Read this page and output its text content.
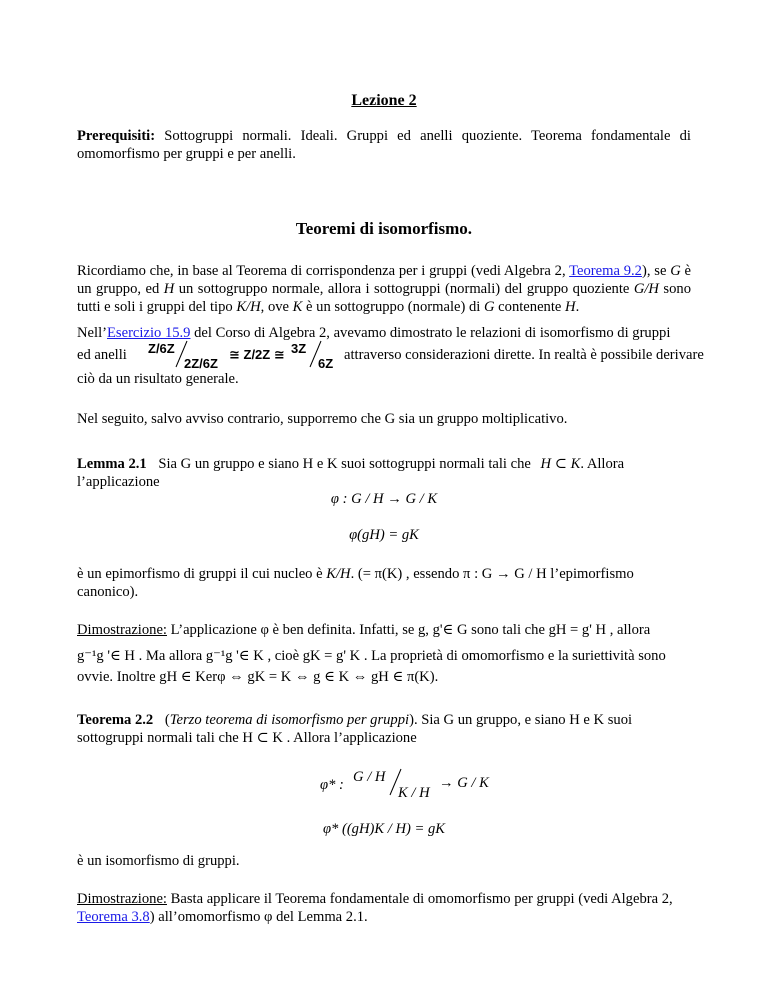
Lezione 2
Prerequisiti: Sottogruppi normali. Ideali. Gruppi ed anelli quoziente. Teorema fondamentale di omomorfismo per gruppi e per anelli.
Teoremi di isomorfismo.
Ricordiamo che, in base al Teorema di corrispondenza per i gruppi (vedi Algebra 2, Teorema 9.2), se G è un gruppo, ed H un sottogruppo normale, allora i sottogruppi (normali) del gruppo quoziente G/H sono tutti e soli i gruppi del tipo K/H, ove K è un sottogruppo (normale) di G contenente H.
Nell’Esercizio 15.9 del Corso di Algebra 2, avevamo dimostrato le relazioni di isomorfismo di gruppi
ed anelli Z/6Z
2Z/6Z
≅ Z/2Z ≅ 3Z
6Z
attraverso considerazioni dirette. In realtà è possibile derivare
ciò da un risultato generale.
Nel seguito, salvo avviso contrario, supporremo che G sia un gruppo moltiplicativo.
Lemma 2.1 Sia G un gruppo e siano H e K suoi sottogruppi normali tali che H ⊂ K. Allora
l’applicazione
φ : G / H → G / K
φ(gH) = gK
è un epimorfismo di gruppi il cui nucleo è K/H. (= π(K) , essendo π : G → G / H l’epimorfismo
canonico).
Dimostrazione: L’applicazione φ è ben definita. Infatti, se g, g'∈ G sono tali che gH = g' H , allora
g⁻¹g '∈ H . Ma allora g⁻¹g '∈ K , cioè gK = g' K . La proprietà di omomorfismo e la suriettività sono
ovvie. Inoltre gH ∈ Kerφ ⇔ gK = K ⇔ g ∈ K ⇔ gH ∈ π(K).
Teorema 2.2 (Terzo teorema di isomorfismo per gruppi). Sia G un gruppo, e siano H e K suoi
sottogruppi normali tali che H ⊂ K . Allora l’applicazione
φ* : G / H
K / H
→ G / K
φ* ((gH)K / H) = gK
è un isomorfismo di gruppi.
Dimostrazione: Basta applicare il Teorema fondamentale di omomorfismo per gruppi (vedi Algebra 2,
Teorema 3.8) all’omomorfismo φ del Lemma 2.1.
